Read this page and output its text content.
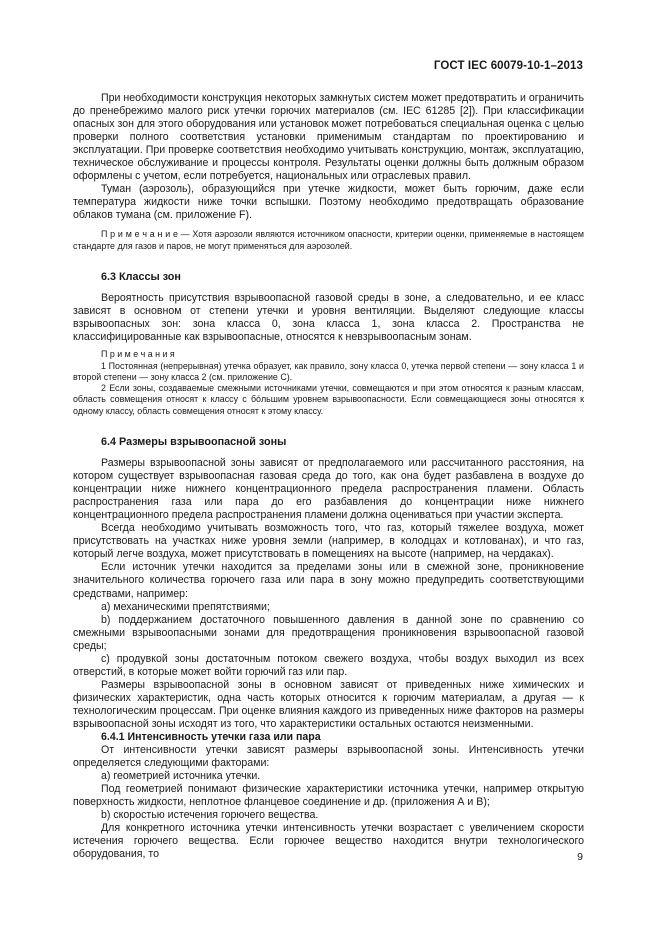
ГОСТ IEC 60079-10-1–2013

При необходимости конструкция некоторых замкнутых систем может предотвратить и ограничить до пренебрежимо малого риск утечки горючих материалов (см. IEC 61285 [2]). При классификации опасных зон для этого оборудования или установок может потребоваться специальная оценка с целью проверки полного соответствия установки применимым стандартам по проектированию и эксплуатации. При проверке соответствия необходимо учитывать конструкцию, монтаж, эксплуатацию, техническое обслуживание и процессы контроля. Результаты оценки должны быть должным образом оформлены с учетом, если потребуется, национальных или отраслевых правил.

Туман (аэрозоль), образующийся при утечке жидкости, может быть горючим, даже если температура жидкости ниже точки вспышки. Поэтому необходимо предотвращать образование облаков тумана (см. приложение F).

П р и м е ч а н и е — Хотя аэрозоли являются источником опасности, критерии оценки, применяемые в настоящем стандарте для газов и паров, не могут применяться для аэрозолей.

6.3 Классы зон

Вероятность присутствия взрывоопасной газовой среды в зоне, а следовательно, и ее класс зависят в основном от степени утечки и уровня вентиляции. Выделяют следующие классы взрывоопасных зон: зона класса 0, зона класса 1, зона класса 2. Пространства не классифицированные как взрывоопасные, относятся к невзрывоопасным зонам.

П р и м е ч а н и я

1 Постоянная (непрерывная) утечка образует, как правило, зону класса 0, утечка первой степени — зону класса 1 и второй степени — зону класса 2 (см. приложение C).

2 Если зоны, создаваемые смежными источниками утечки, совмещаются и при этом относятся к разным классам, область совмещения относят к классу с бо́льшим уровнем взрывоопасности. Если совмещающиеся зоны относятся к одному классу, область совмещения относят к этому классу.

6.4 Размеры взрывоопасной зоны

Размеры взрывоопасной зоны зависят от предполагаемого или рассчитанного расстояния, на котором существует взрывоопасная газовая среда до того, как она будет разбавлена в воздухе до концентрации ниже нижнего концентрационного предела распространения пламени. Область распространения газа или пара до его разбавления до концентрации ниже нижнего концентрационного предела распространения пламени должна оцениваться при участии эксперта.

Всегда необходимо учитывать возможность того, что газ, который тяжелее воздуха, может присутствовать на участках ниже уровня земли (например, в колодцах и котлованах), и что газ, который легче воздуха, может присутствовать в помещениях на высоте (например, на чердаках).

Если источник утечки находится за пределами зоны или в смежной зоне, проникновение значительного количества горючего газа или пара в зону можно предупредить соответствующими средствами, например:

a) механическими препятствиями;

b) поддержанием достаточного повышенного давления в данной зоне по сравнению со смежными взрывоопасными зонами для предотвращения проникновения взрывоопасной газовой среды;

c) продувкой зоны достаточным потоком свежего воздуха, чтобы воздух выходил из всех отверстий, в которые может войти горючий газ или пар.

Размеры взрывоопасной зоны в основном зависят от приведенных ниже химических и физических характеристик, одна часть которых относится к горючим материалам, а другая — к технологическим процессам. При оценке влияния каждого из приведенных ниже факторов на размеры взрывоопасной зоны исходят из того, что характеристики остальных остаются неизменными.

6.4.1 Интенсивность утечки газа или пара

От интенсивности утечки зависят размеры взрывоопасной зоны. Интенсивность утечки определяется следующими факторами:

a) геометрией источника утечки.

Под геометрией понимают физические характеристики источника утечки, например открытую поверхность жидкости, неплотное фланцевое соединение и др. (приложения А и В);

b) скоростью истечения горючего вещества.

Для конкретного источника утечки интенсивность утечки возрастает с увеличением скорости истечения горючего вещества. Если горючее вещество находится внутри технологического оборудования, то	9
